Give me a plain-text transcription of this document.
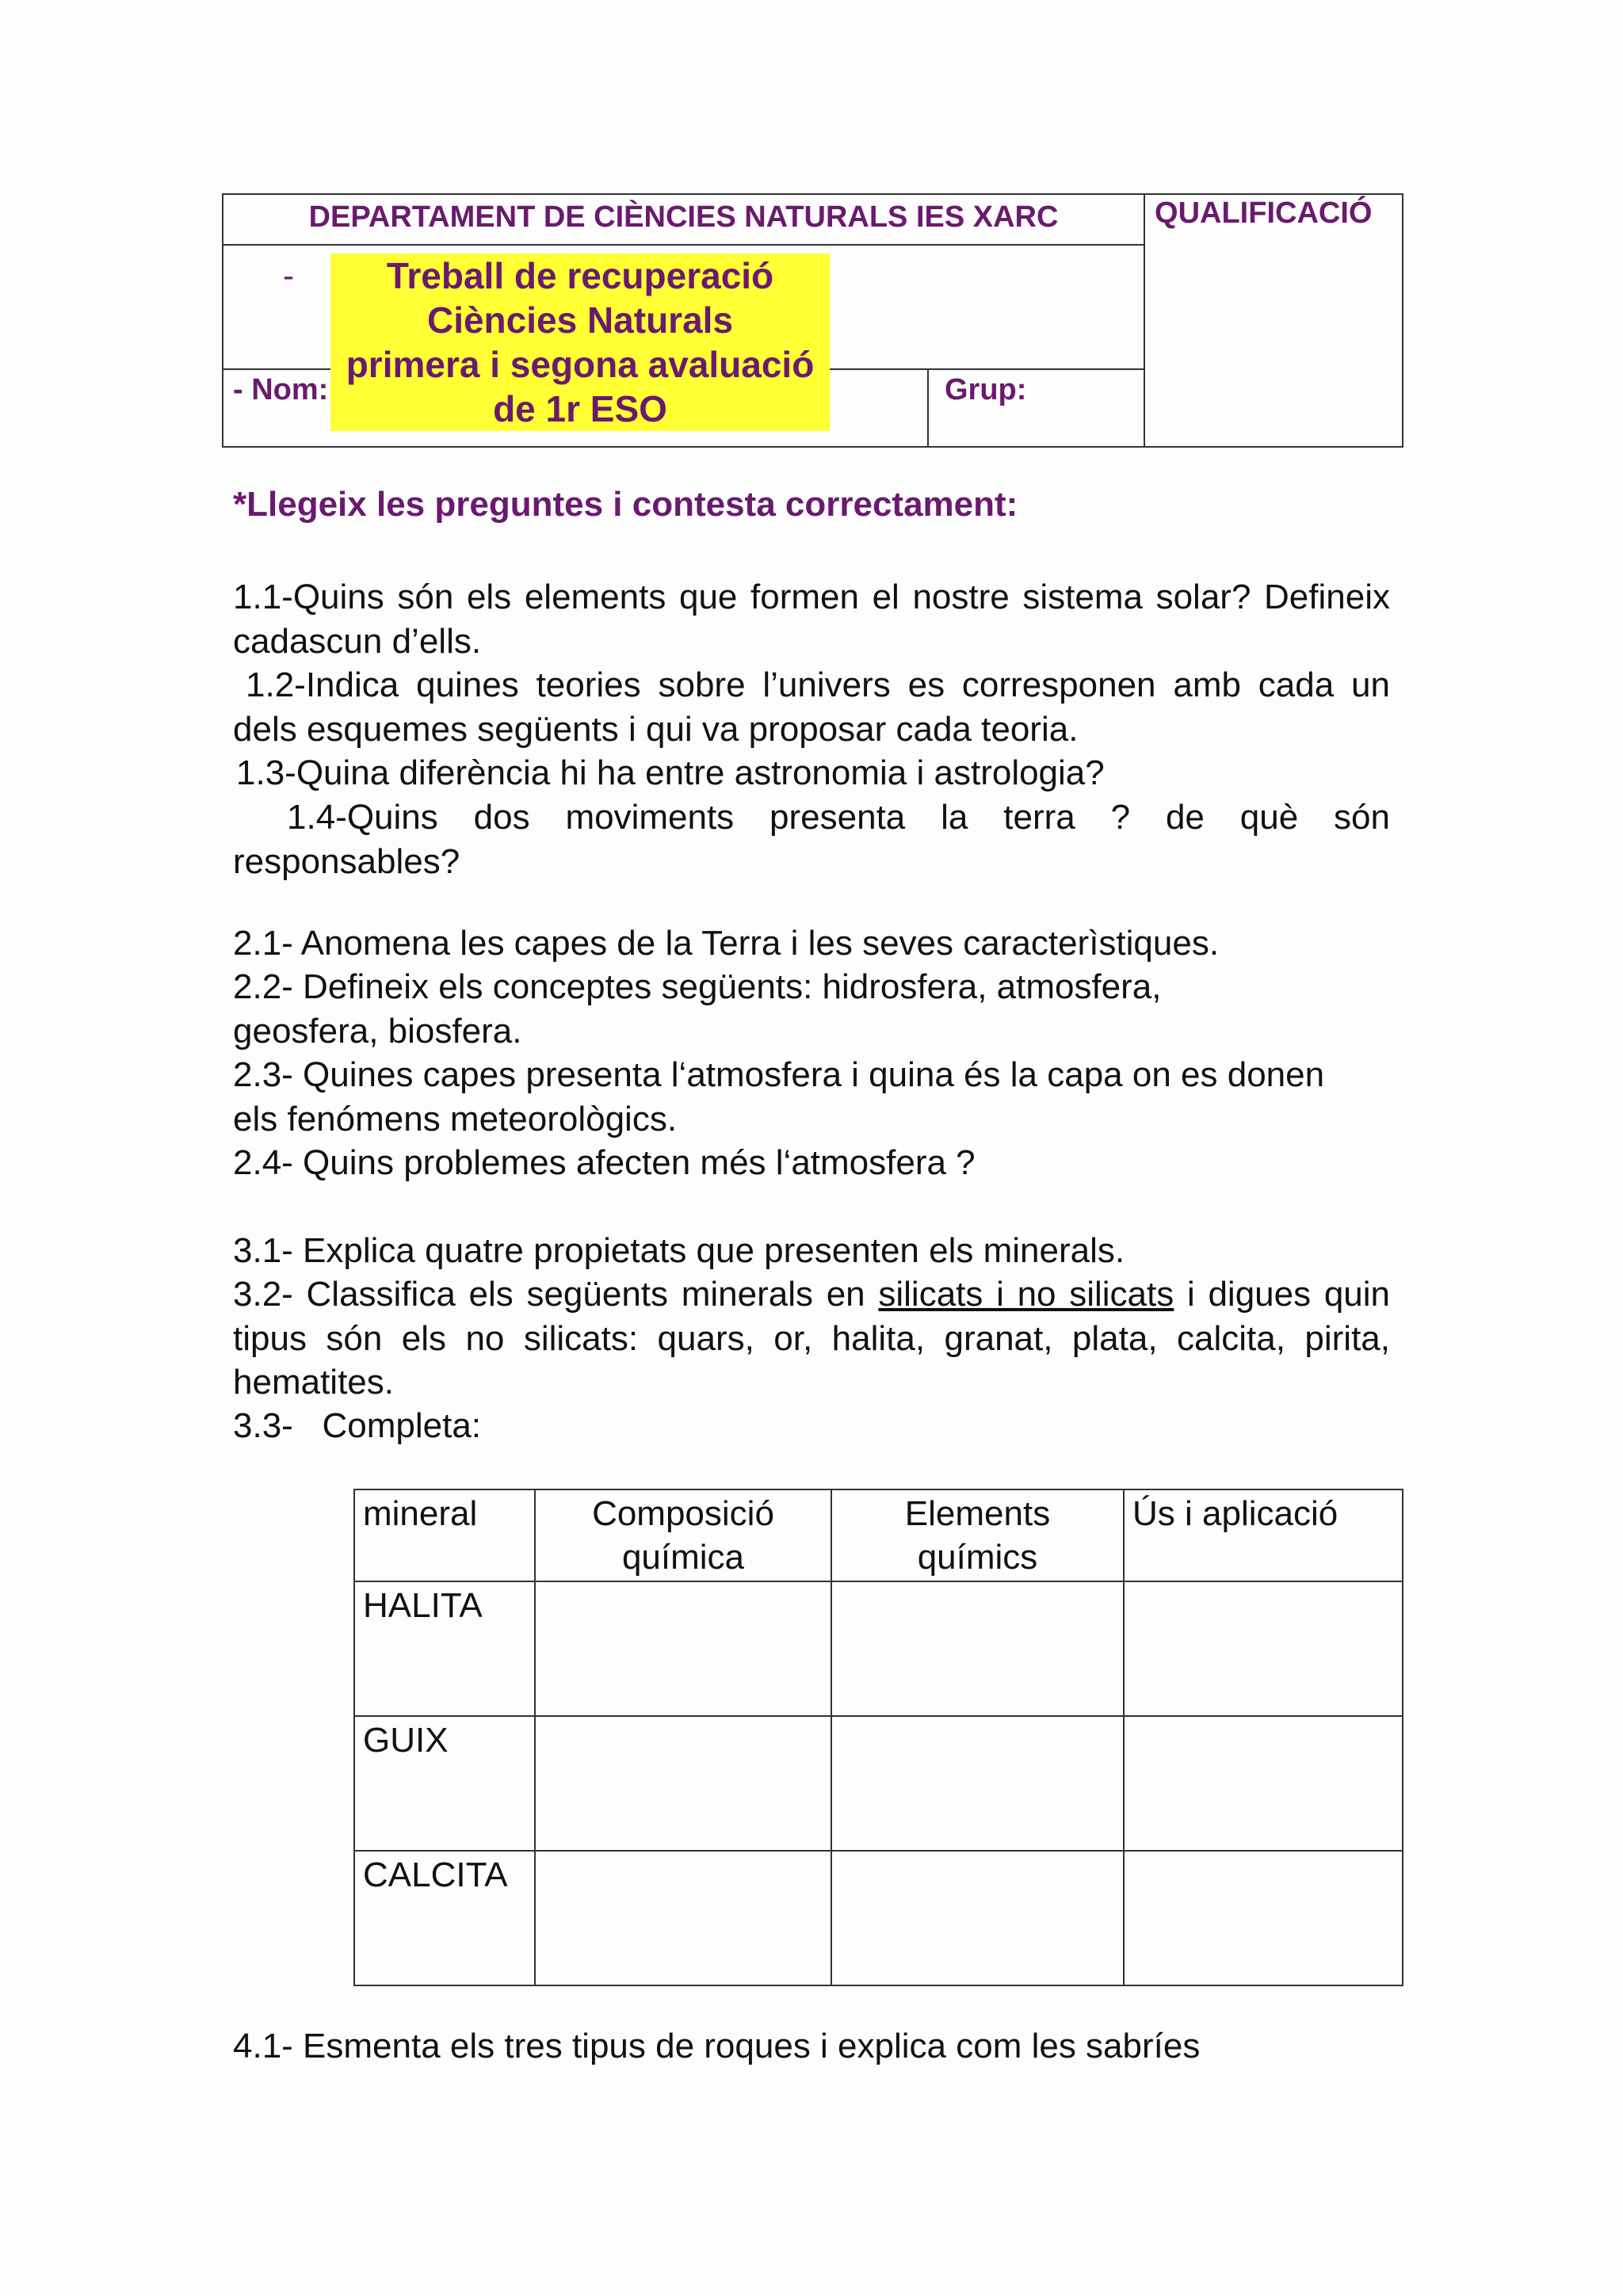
DEPARTAMENT DE CIÈNCIES NATURALS IES XARC		QUALIFICACIÓ

- Treball de recuperació Ciències Naturals
primera i segona avaluació de 1r ESO		

- Nom:	Grup:	
*Llegeix les preguntes i contesta correctament:
1.1-Quins són els elements que formen el nostre sistema solar? Defineix cadascun d’ells.
1.2-Indica quines teories sobre l’univers es corresponen amb cada un dels esquemes següents i qui va proposar cada teoria.
1.3-Quina diferència hi ha entre astronomia i astrologia?
1.4-Quins dos moviments presenta la terra ? de què són responsables?
2.1- Anomena les capes de la Terra i les seves caracterìstiques.
2.2- Defineix els conceptes següents: hidrosfera, atmosfera, geosfera, biosfera.
2.3- Quines capes presenta l‘atmosfera i quina és la capa on es donen els fenómens meteorològics.
2.4- Quins problemes afecten més l‘atmosfera ?
3.1- Explica quatre propietats que presenten els minerals.
3.2- Classifica els següents minerals en silicats i no silicats i digues quin tipus són els no silicats: quars, or, halita, granat, plata, calcita, pirita, hematites.
3.3-   Completa:
mineral	Composició química	Elements químics	Ús i aplicació
HALITA			
GUIX			
CALCITA			
4.1- Esmenta els tres tipus de roques i explica com les sabríes
